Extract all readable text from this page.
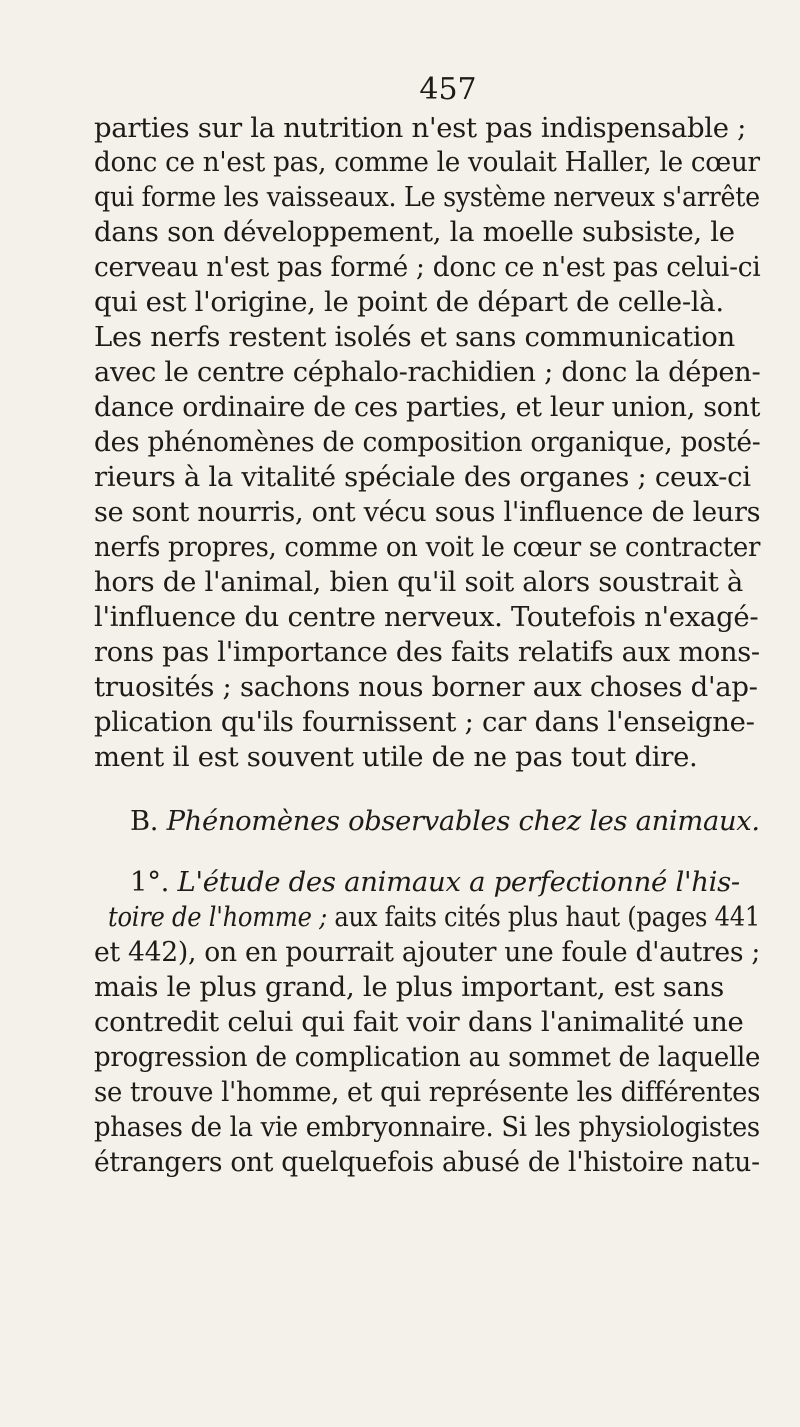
457
parties sur la nutrition n'est pas indispensable ;
donc ce n'est pas, comme le voulait Haller, le cœur
qui forme les vaisseaux. Le système nerveux s'arrête
dans son développement, la moelle subsiste, le
cerveau n'est pas formé ; donc ce n'est pas celui-ci
qui est l'origine, le point de départ de celle-là.
Les nerfs restent isolés et sans communication
avec le centre céphalo-rachidien ; donc la dépen-
dance ordinaire de ces parties, et leur union, sont
des phénomènes de composition organique, posté-
rieurs à la vitalité spéciale des organes ; ceux-ci
se sont nourris, ont vécu sous l'influence de leurs
nerfs propres, comme on voit le cœur se contracter
hors de l'animal, bien qu'il soit alors soustrait à
l'influence du centre nerveux. Toutefois n'exagé-
rons pas l'importance des faits relatifs aux mons-
truosités ; sachons nous borner aux choses d'ap-
plication qu'ils fournissent ; car dans l'enseigne-
ment il est souvent utile de ne pas tout dire.
B. Phénomènes observables chez les animaux.
1°. L'étude des animaux a perfectionné l'his-
toire de l'homme ; aux faits cités plus haut (pages 441
et 442), on en pourrait ajouter une foule d'autres ;
mais le plus grand, le plus important, est sans
contredit celui qui fait voir dans l'animalité une
progression de complication au sommet de laquelle
se trouve l'homme, et qui représente les différentes
phases de la vie embryonnaire. Si les physiologistes
étrangers ont quelquefois abusé de l'histoire natu-
